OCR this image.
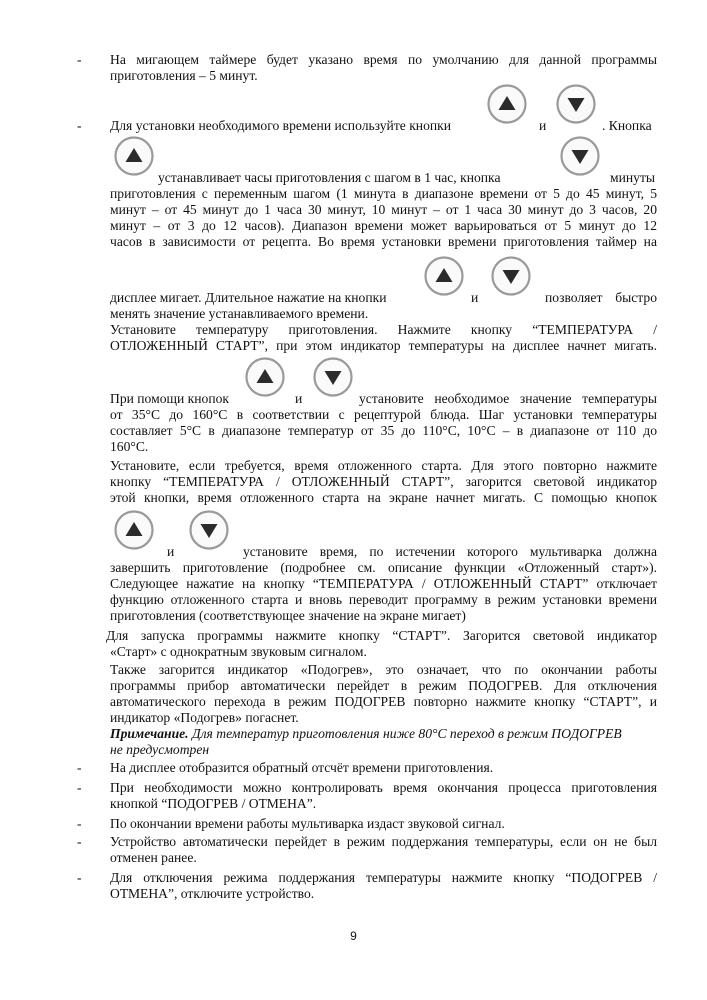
- На мигающем таймере будет указано время по умолчанию для данной программы
приготовления – 5 минут.
- Для установки необходимого времени используйте кнопки	и	. Кнопка
устанавливает часы приготовления с шагом в 1 час, кнопка	минуты
приготовления с переменным шагом (1 минута в диапазоне времени от 5 до 45 минут, 5
минут – от 45 минут до 1 часа 30 минут, 10 минут – от 1 часа 30 минут до 3 часов, 20
минут – от 3 до 12 часов). Диапазон времени может варьироваться от 5 минут до 12
часов в зависимости от рецепта. Во время установки времени приготовления таймер на
дисплее мигает. Длительное нажатие на кнопки	и	позволяет быстро
менять значение устанавливаемого времени.
Установите температуру приготовления. Нажмите кнопку “ТЕМПЕРАТУРА /
ОТЛОЖЕННЫЙ СТАРТ”, при этом индикатор температуры на дисплее начнет мигать.
При помощи кнопок	и	установите необходимое значение температуры
от 35°C до 160°C в соответствии с рецептурой блюда. Шаг установки температуры
составляет 5°C в диапазоне температур от 35 до 110°C, 10°C – в диапазоне от 110 до
160°C.
Установите, если требуется, время отложенного старта. Для этого повторно нажмите
кнопку “ТЕМПЕРАТУРА / ОТЛОЖЕННЫЙ СТАРТ”, загорится световой индикатор
этой кнопки, время отложенного старта на экране начнет мигать. С помощью кнопок
и	установите время, по истечении которого мультиварка должна
завершить приготовление (подробнее см. описание функции «Отложенный старт»).
Следующее нажатие на кнопку “ТЕМПЕРАТУРА / ОТЛОЖЕННЫЙ СТАРТ” отключает
функцию отложенного старта и вновь переводит программу в режим установки времени
приготовления (соответствующее значение на экране мигает)
Для запуска программы нажмите кнопку “СТАРТ”. Загорится световой индикатор
«Старт» с однократным звуковым сигналом.
Также загорится индикатор «Подогрев», это означает, что по окончании работы
программы прибор автоматически перейдет в режим ПОДОГРЕВ. Для отключения
автоматического перехода в режим ПОДОГРЕВ повторно нажмите кнопку “СТАРТ”, и
индикатор «Подогрев» погаснет.
Примечание. Для температур приготовления ниже 80°C переход в режим ПОДОГРЕВ
не предусмотрен
- На дисплее отобразится обратный отсчёт времени приготовления.
- При необходимости можно контролировать время окончания процесса приготовления
кнопкой “ПОДОГРЕВ / ОТМЕНА”.
- По окончании времени работы мультиварка издаст звуковой сигнал.
- Устройство автоматически перейдет в режим поддержания температуры, если он не был
отменен ранее.
- Для отключения режима поддержания температуры нажмите кнопку “ПОДОГРЕВ /
ОТМЕНА”, отключите устройство.
9
